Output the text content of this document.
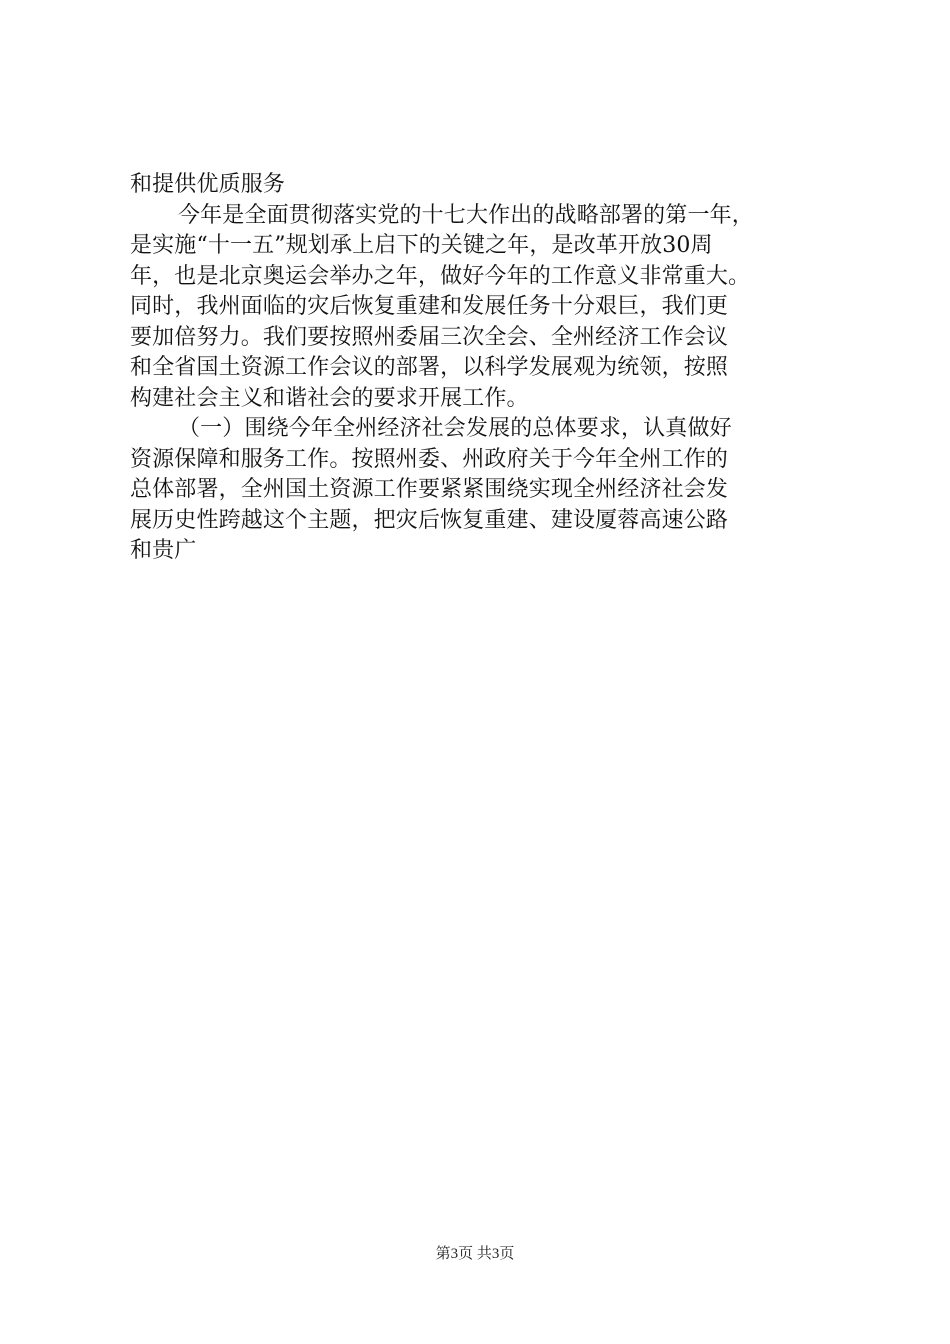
和提供优质服务
今年是全面贯彻落实党的十七大作出的战略部署的第一年，
是实施“十一五”规划承上启下的关键之年，是改革开放30周
年，也是北京奥运会举办之年，做好今年的工作意义非常重大。
同时，我州面临的灾后恢复重建和发展任务十分艰巨，我们更
要加倍努力。我们要按照州委届三次全会、全州经济工作会议
和全省国土资源工作会议的部署，以科学发展观为统领，按照
构建社会主义和谐社会的要求开展工作。
（一）围绕今年全州经济社会发展的总体要求，认真做好
资源保障和服务工作。按照州委、州政府关于今年全州工作的
总体部署，全州国土资源工作要紧紧围绕实现全州经济社会发
展历史性跨越这个主题，把灾后恢复重建、建设厦蓉高速公路
和贵广
第3页 共3页
